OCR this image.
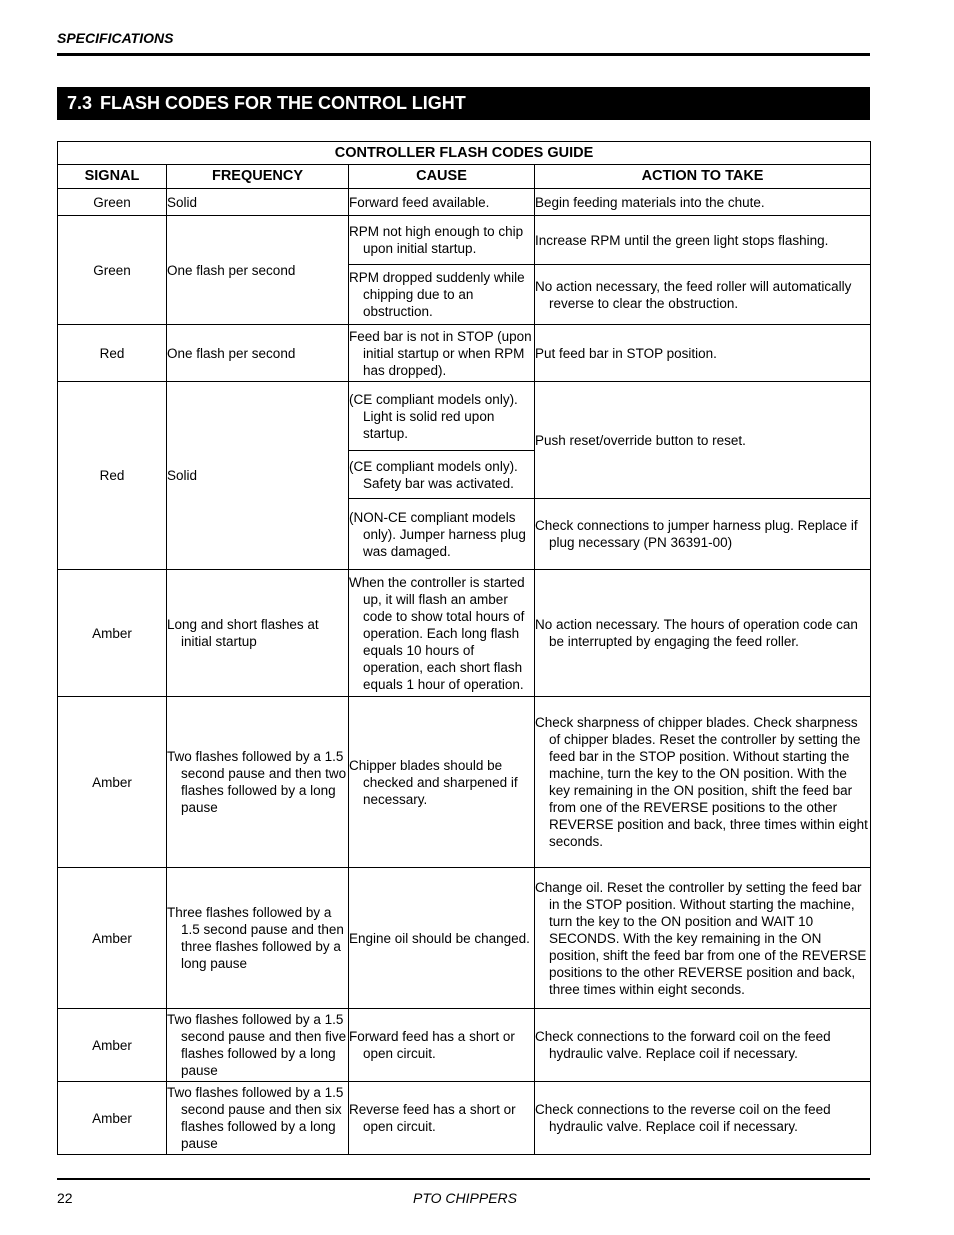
SPECIFICATIONS
7.3 FLASH CODES FOR THE CONTROL LIGHT
CONTROLLER FLASH CODES GUIDE			
SIGNAL	FREQUENCY	CAUSE	ACTION TO TAKE
Green	Solid	Forward feed available.	Begin feeding materials into the chute.
Green	One flash per second	RPM not high enough to chip upon initial startup.	Increase RPM until the green light stops flashing.
		RPM dropped suddenly while chipping due to an obstruction.	No action necessary, the feed roller will automatically reverse to clear the obstruction.
Red	One flash per second	Feed bar is not in STOP (upon initial startup or when RPM has dropped).	Put feed bar in STOP position.
Red	Solid	(CE compliant models only). Light is solid red upon startup.	Push reset/override button to reset.
		(CE compliant models only). Safety bar was activated.	
		(NON-CE compliant models only). Jumper harness plug was damaged.	Check connections to jumper harness plug. Replace if plug necessary (PN 36391-00)
Amber	Long and short flashes at initial startup	When the controller is started up, it will flash an amber code to show total hours of operation. Each long flash equals 10 hours of operation, each short flash equals 1 hour of operation.	No action necessary. The hours of operation code can be interrupted by engaging the feed roller.
Amber	Two flashes followed by a 1.5 second pause and then two flashes followed by a long pause	Chipper blades should be checked and sharpened if necessary.	Check sharpness of chipper blades. Check sharpness of chipper blades. Reset the controller by setting the feed bar in the STOP position. Without starting the machine, turn the key to the ON position. With the key remaining in the ON position, shift the feed bar from one of the REVERSE positions to the other REVERSE position and back, three times within eight seconds.
Amber	Three flashes followed by a 1.5 second pause and then three flashes followed by a long pause	Engine oil should be changed.	Change oil. Reset the controller by setting the feed bar in the STOP position. Without starting the machine, turn the key to the ON position and WAIT 10 SECONDS. With the key remaining in the ON position, shift the feed bar from one of the REVERSE positions to the other REVERSE position and back, three times within eight seconds.
Amber	Two flashes followed by a 1.5 second pause and then five flashes followed by a long pause	Forward feed has a short or open circuit.	Check connections to the forward coil on the feed hydraulic valve. Replace coil if necessary.
Amber	Two flashes followed by a 1.5 second pause and then six flashes followed by a long pause	Reverse feed has a short or open circuit.	Check connections to the reverse coil on the feed hydraulic valve. Replace coil if necessary.
22	PTO CHIPPERS
